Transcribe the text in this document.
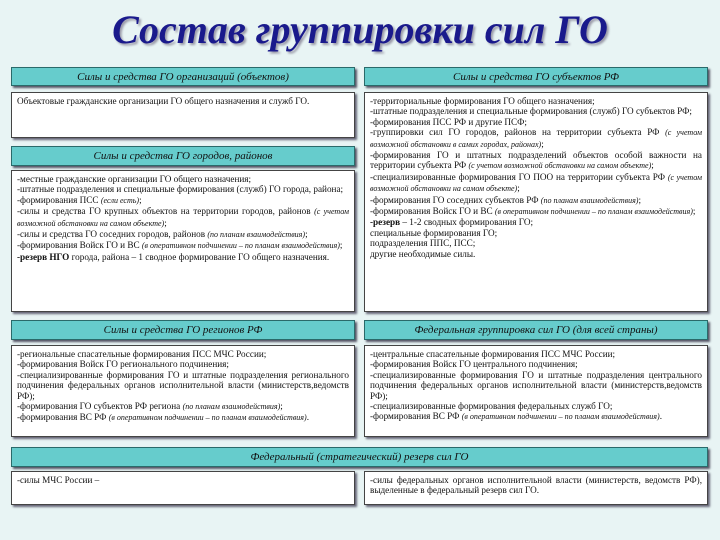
Состав группировки сил ГО
Силы и средства ГО организаций (объектов)
Объектовые гражданские организации ГО общего назначения и служб ГО.
Силы и средства ГО городов, районов
-местные гражданские организации ГО общего назначения;
-штатные подразделения и специальные формирования (служб) ГО города, района;
-формирования ПСС (если есть);
-силы и средства ГО крупных объектов на территории городов, районов (с учетом возможной обстановки на самом объекте);
-силы и средства ГО соседних городов, районов (по планам взаимодействия);
-формирования Войск ГО и ВС (в оперативном подчинении – по планам взаимодействия);
-резерв НГО города, района – 1 сводное формирование ГО общего назначения.
Силы и средства ГО субъектов РФ
-территориальные формирования ГО общего назначения;
-штатные подразделения и специальные формирования (служб) ГО субъектов РФ;
-формирования ПСС РФ и другие ПСФ;
-группировки сил ГО городов, районов на территории субъекта РФ (с учетом возможной обстановки в самих городах, районах);
-формирования ГО и штатных подразделений объектов особой важности на территории субъекта РФ (с учетом возможной обстановки на самом объекте);
-специализированные формирования ГО ПОО на территории субъекта РФ (с учетом возможной обстановки на самом объекте);
-формирования ГО соседних субъектов РФ (по планам взаимодействия);
-формирования Войск ГО и ВС (в оперативном подчинении – по планам взаимодействия);
-резерв – 1-2 сводных формирования ГО;
специальные формирования ГО;
подразделения ППС, ПСС;
другие необходимые силы.
Силы и средства ГО регионов РФ
-региональные спасательные формирования ПСС МЧС России;
-формирования Войск ГО регионального подчинения;
-специализированные формирования ГО и штатные подразделения регионального подчинения федеральных органов исполнительной власти (министерств,ведомств РФ);
-формирования ГО субъектов РФ региона (по планам взаимодействия);
-формирования ВС РФ (в оперативном подчинении – по планам взаимодействия).
Федеральная группировка сил ГО (для всей страны)
-центральные спасательные формирования ПСС МЧС России;
-формирования Войск ГО центрального подчинения;
-специализированные формирования ГО и штатные подразделения центрального подчинения федеральных органов исполнительной власти (министерств,ведомств РФ);
-специализированные формирования федеральных служб ГО;
-формирования ВС РФ (в оперативном подчинении – по планам взаимодействия).
Федеральный (стратегический) резерв сил ГО
-силы МЧС России –	-силы федеральных органов исполнительной власти (министерств, ведомств РФ), выделенные в федеральный резерв сил ГО.
